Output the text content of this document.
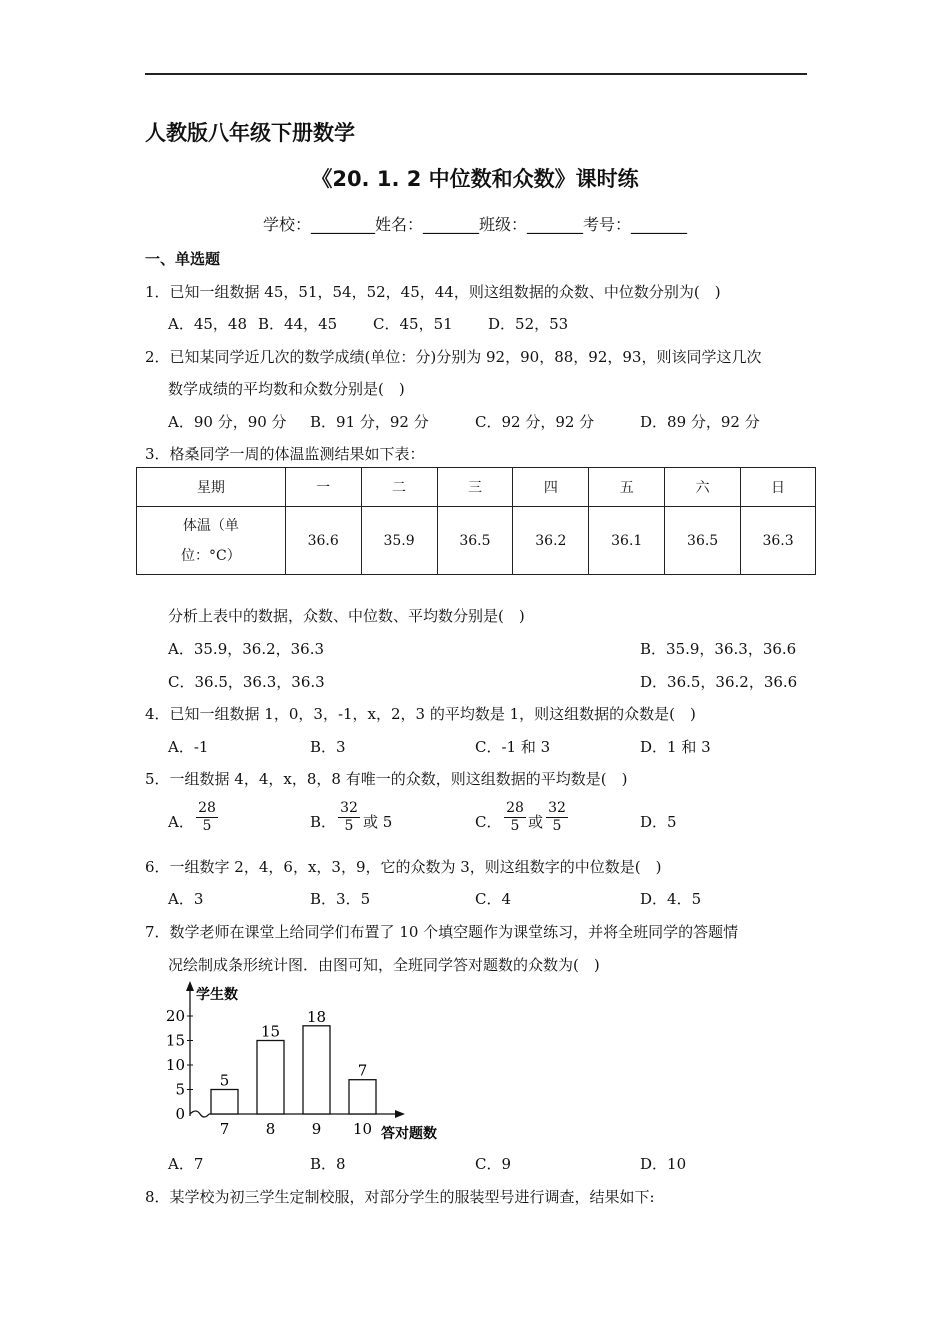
人教版八年级下册数学
《20. 1. 2 中位数和众数》课时练
学校：________姓名：_______班级：_______考号：_______
一、单选题
1．已知一组数据 45，51，54，52，45，44，则这组数据的众数、中位数分别为(　)
A．45，48 B．44，45 C．45，51 D．52，53
2．已知某同学近几次的数学成绩(单位：分)分别为 92，90，88，92，93，则该同学这几次
数学成绩的平均数和众数分别是(　)
A．90 分，90 分 B．91 分，92 分	C．92 分，92 分	D．89 分，92 分
3．格桑同学一周的体温监测结果如下表：
星期	一	二	三	四	五	六	日

体温（单
位：°C）	36.6	35.9	36.5	36.2	36.1	36.5	36.3
分析上表中的数据，众数、中位数、平均数分别是(　)
A．35.9，36.2，36.3	B．35.9，36.3，36.6
C．36.5，36.3，36.3	D．36.5，36.2，36.6
4．已知一组数据 1，0，3，-1，x，2，3 的平均数是 1，则这组数据的众数是(　)
A．-1	B．3	C．-1 和 3	D．1 和 3
5．一组数据 4，4，x，8，8 有唯一的众数，则这组数据的平均数是(　)
A． $\frac{28}{5}$	B． $\frac{32}{5}$ 或 5	C． $\frac{28}{5}$ 或 $\frac{32}{5}$	D．5
6．一组数字 2，4，6，x，3，9，它的众数为 3，则这组数字的中位数是(　)
A．3	B．3．5	C．4	D．4．5
7．数学老师在课堂上给同学们布置了 10 个填空题作为课堂练习，并将全班同学的答题情
况绘制成条形统计图．由图可知，全班同学答对题数的众数为(　)
学生数
答对题数
0
5
10
15
20
5
7
15
8
18
9
7
10
A．7	B．8	C．9	D．10
8．某学校为初三学生定制校服，对部分学生的服装型号进行调查，结果如下:
